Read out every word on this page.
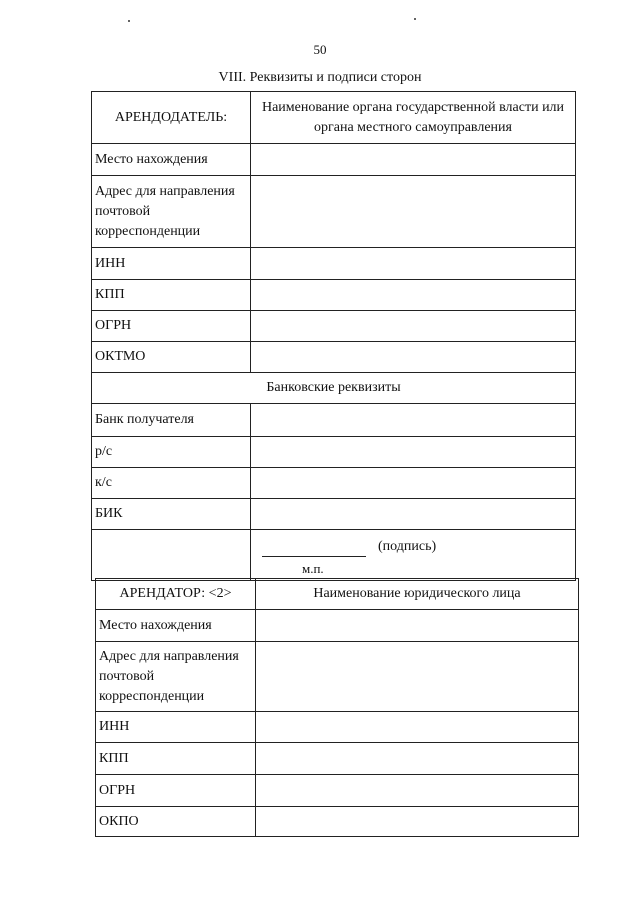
50
VIII. Реквизиты и подписи сторон
АРЕНДОДАТЕЛЬ:	Наименование органа государственной власти или органа местного самоуправления
Место нахождения	
Адрес для направления почтовой корреспонденции	
ИНН	
КПП	
ОГРН	
ОКТМО	
Банковские реквизиты	
Банк получателя	
р/с	
к/с	
БИК	

	(подпись)
м.п.
АРЕНДАТОР: <2>	Наименование юридического лица
Место нахождения	
Адрес для направления почтовой корреспонденции	
ИНН	
КПП	
ОГРН	
ОКПО	
